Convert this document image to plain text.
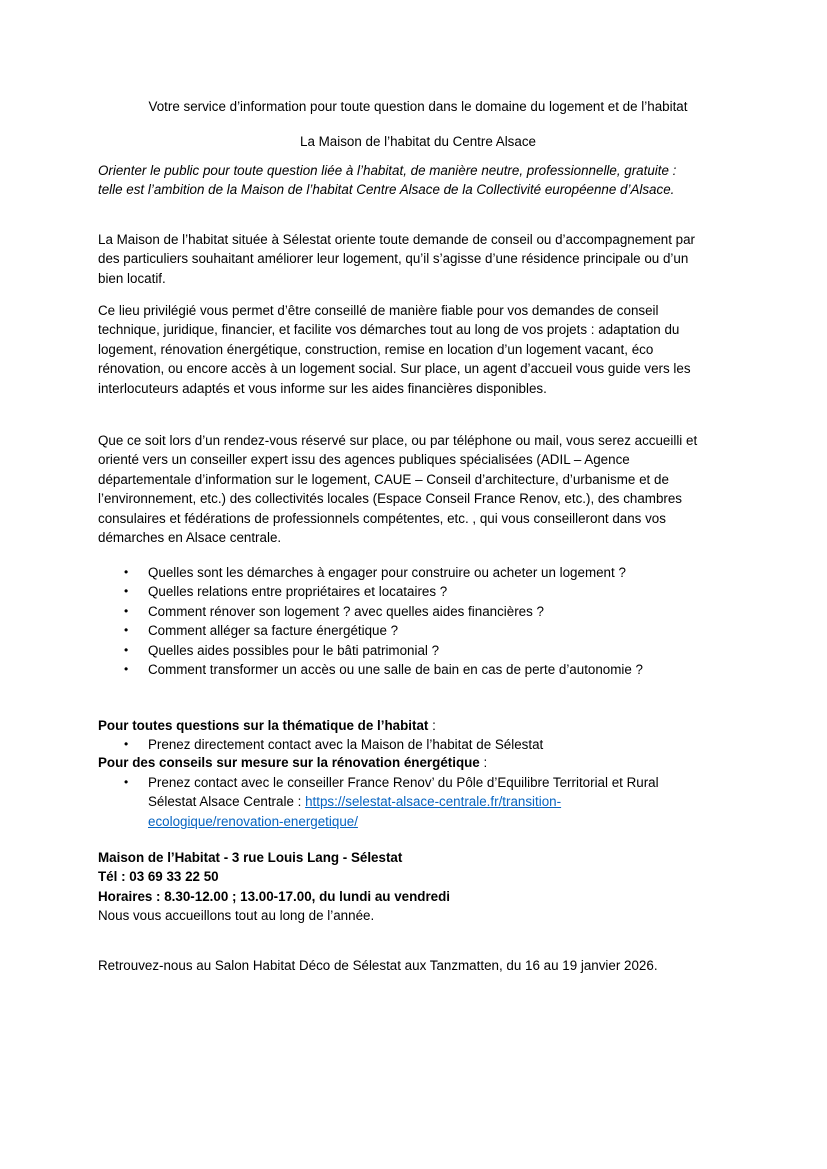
Votre service d’information pour toute question dans le domaine du logement et de l’habitat
La Maison de l’habitat du Centre Alsace
Orienter le public pour toute question liée à l’habitat, de manière neutre, professionnelle, gratuite :
telle est l’ambition de la Maison de l’habitat Centre Alsace de la Collectivité européenne d’Alsace.
La Maison de l’habitat située à Sélestat oriente toute demande de conseil ou d’accompagnement par
des particuliers souhaitant améliorer leur logement, qu’il s’agisse d’une résidence principale ou d’un
bien locatif.
Ce lieu privilégié vous permet d’être conseillé de manière fiable pour vos demandes de conseil
technique, juridique, financier, et facilite vos démarches tout au long de vos projets : adaptation du
logement, rénovation énergétique, construction, remise en location d’un logement vacant, éco
rénovation, ou encore accès à un logement social. Sur place, un agent d’accueil vous guide vers les
interlocuteurs adaptés et vous informe sur les aides financières disponibles.
Que ce soit lors d’un rendez-vous réservé sur place, ou par téléphone ou mail, vous serez accueilli et
orienté vers un conseiller expert issu des agences publiques spécialisées (ADIL – Agence
départementale d’information sur le logement, CAUE – Conseil d’architecture, d’urbanisme et de
l’environnement, etc.) des collectivités locales (Espace Conseil France Renov, etc.), des chambres
consulaires et fédérations de professionnels compétentes, etc. , qui vous conseilleront dans vos
démarches en Alsace centrale.
• Quelles sont les démarches à engager pour construire ou acheter un logement ?
• Quelles relations entre propriétaires et locataires ?
• Comment rénover son logement ? avec quelles aides financières ?
• Comment alléger sa facture énergétique ?
• Quelles aides possibles pour le bâti patrimonial ?
• Comment transformer un accès ou une salle de bain en cas de perte d’autonomie ?
Pour toutes questions sur la thématique de l’habitat :
• Prenez directement contact avec la Maison de l’habitat de Sélestat
Pour des conseils sur mesure sur la rénovation énergétique :
• Prenez contact avec le conseiller France Renov’ du Pôle d’Equilibre Territorial et Rural
Sélestat Alsace Centrale : https://selestat-alsace-centrale.fr/transition-
ecologique/renovation-energetique/
Maison de l’Habitat - 3 rue Louis Lang - Sélestat
Tél : 03 69 33 22 50
Horaires : 8.30-12.00 ; 13.00-17.00, du lundi au vendredi
Nous vous accueillons tout au long de l’année.
Retrouvez-nous au Salon Habitat Déco de Sélestat aux Tanzmatten, du 16 au 19 janvier 2026.
